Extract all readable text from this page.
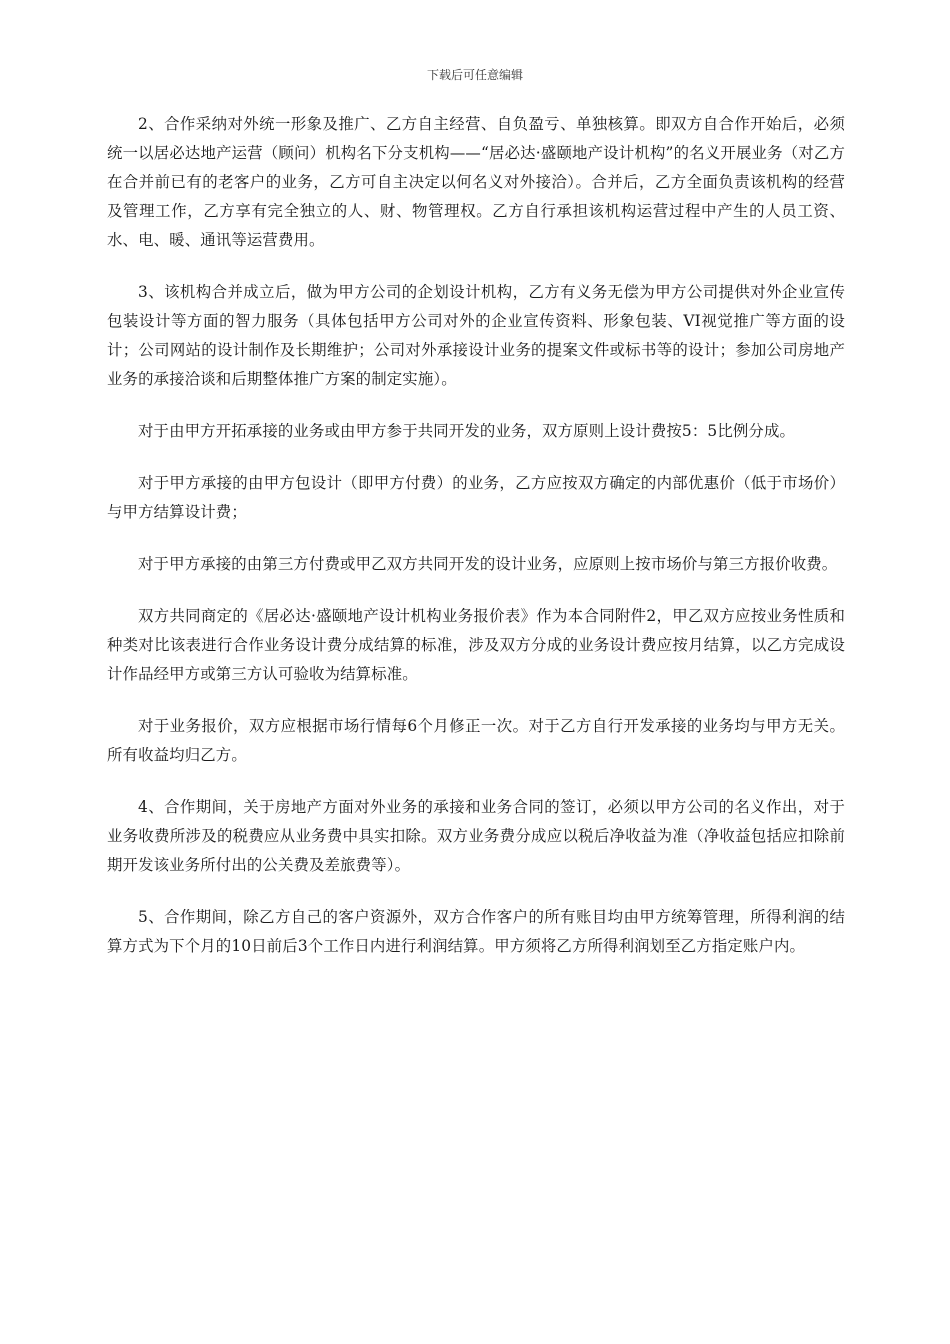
下载后可任意编辑

2、合作采纳对外统一形象及推广、乙方自主经营、自负盈亏、单独核算。即双方自合作开始后，必须统一以居必达地产运营（顾问）机构名下分支机构——“居必达·盛颐地产设计机构”的名义开展业务（对乙方在合并前已有的老客户的业务，乙方可自主决定以何名义对外接洽）。合并后，乙方全面负责该机构的经营及管理工作，乙方享有完全独立的人、财、物管理权。乙方自行承担该机构运营过程中产生的人员工资、水、电、暖、通讯等运营费用。

3、该机构合并成立后，做为甲方公司的企划设计机构，乙方有义务无偿为甲方公司提供对外企业宣传包装设计等方面的智力服务（具体包括甲方公司对外的企业宣传资料、形象包装、VI视觉推广等方面的设计；公司网站的设计制作及长期维护；公司对外承接设计业务的提案文件或标书等的设计；参加公司房地产业务的承接洽谈和后期整体推广方案的制定实施）。

对于由甲方开拓承接的业务或由甲方参于共同开发的业务，双方原则上设计费按5：5比例分成。

对于甲方承接的由甲方包设计（即甲方付费）的业务，乙方应按双方确定的内部优惠价（低于市场价）与甲方结算设计费；

对于甲方承接的由第三方付费或甲乙双方共同开发的设计业务，应原则上按市场价与第三方报价收费。

双方共同商定的《居必达·盛颐地产设计机构业务报价表》作为本合同附件2，甲乙双方应按业务性质和种类对比该表进行合作业务设计费分成结算的标准，涉及双方分成的业务设计费应按月结算，以乙方完成设计作品经甲方或第三方认可验收为结算标准。

对于业务报价，双方应根据市场行情每6个月修正一次。对于乙方自行开发承接的业务均与甲方无关。所有收益均归乙方。

4、合作期间，关于房地产方面对外业务的承接和业务合同的签订，必须以甲方公司的名义作出，对于业务收费所涉及的税费应从业务费中具实扣除。双方业务费分成应以税后净收益为准（净收益包括应扣除前期开发该业务所付出的公关费及差旅费等）。

5、合作期间，除乙方自己的客户资源外，双方合作客户的所有账目均由甲方统筹管理，所得利润的结算方式为下个月的10日前后3个工作日内进行利润结算。甲方须将乙方所得利润划至乙方指定账户内。
